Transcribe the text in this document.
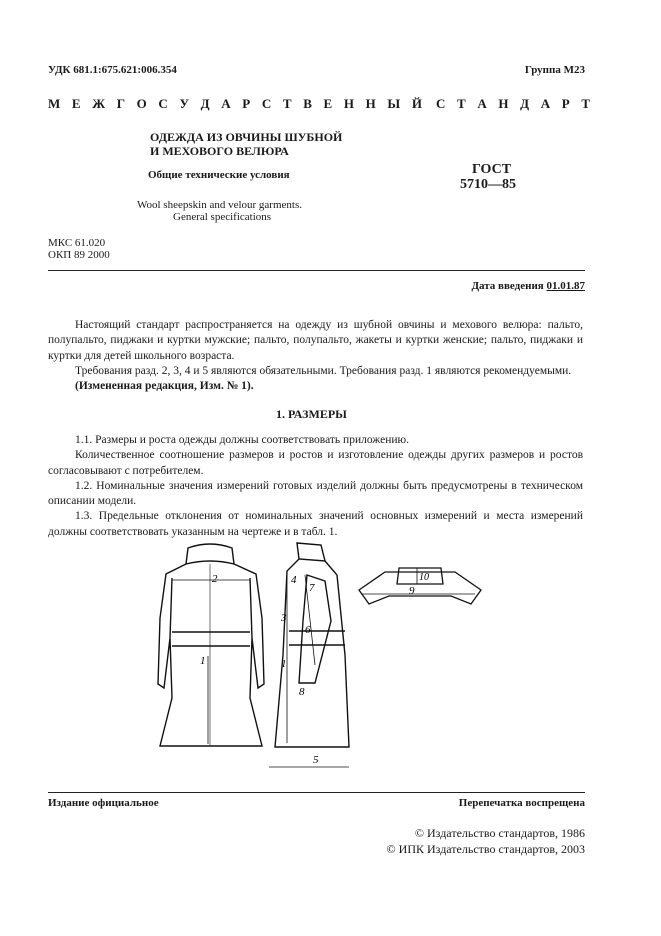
УДК 681.1:675.621:006.354	Группа М23
М Е Ж Г О С У Д А Р С Т В Е Н Н Ы Й С Т А Н Д А Р Т
ОДЕЖДА ИЗ ОВЧИНЫ ШУБНОЙ
И МЕХОВОГО ВЕЛЮРА
Общие технические условия
Wool sheepskin and velour garments.
General specifications
ГОСТ
5710—85
МКС 61.020
ОКП 89 2000
Дата введения 01.01.87

Настоящий стандарт распространяется на одежду из шубной овчины и мехового велюра: пальто, полупальто, пиджаки и куртки мужские; пальто, полупальто, жакеты и куртки женские; пальто, пиджаки и куртки для детей школьного возраста.

Требования разд. 2, 3, 4 и 5 являются обязательными. Требования разд. 1 являются рекомендуемыми.

(Измененная редакция, Изм. № 1).

1. РАЗМЕРЫ

1.1. Размеры и роста одежды должны соответствовать приложению.

Количественное соотношение размеров и ростов и изготовление одежды других размеров и ростов согласовывают с потребителем.

1.2. Номинальные значения измерений готовых изделий должны быть предусмотрены в техническом описании модели.

1.3. Предельные отклонения от номинальных значений основных измерений и места измерений должны соответствовать указанным на чертеже и в табл. 1.

2
1
4
7
3
6
1
8
5
9
10
Издание официальное	Перепечатка воспрещена
© Издательство стандартов, 1986
© ИПК Издательство стандартов, 2003
